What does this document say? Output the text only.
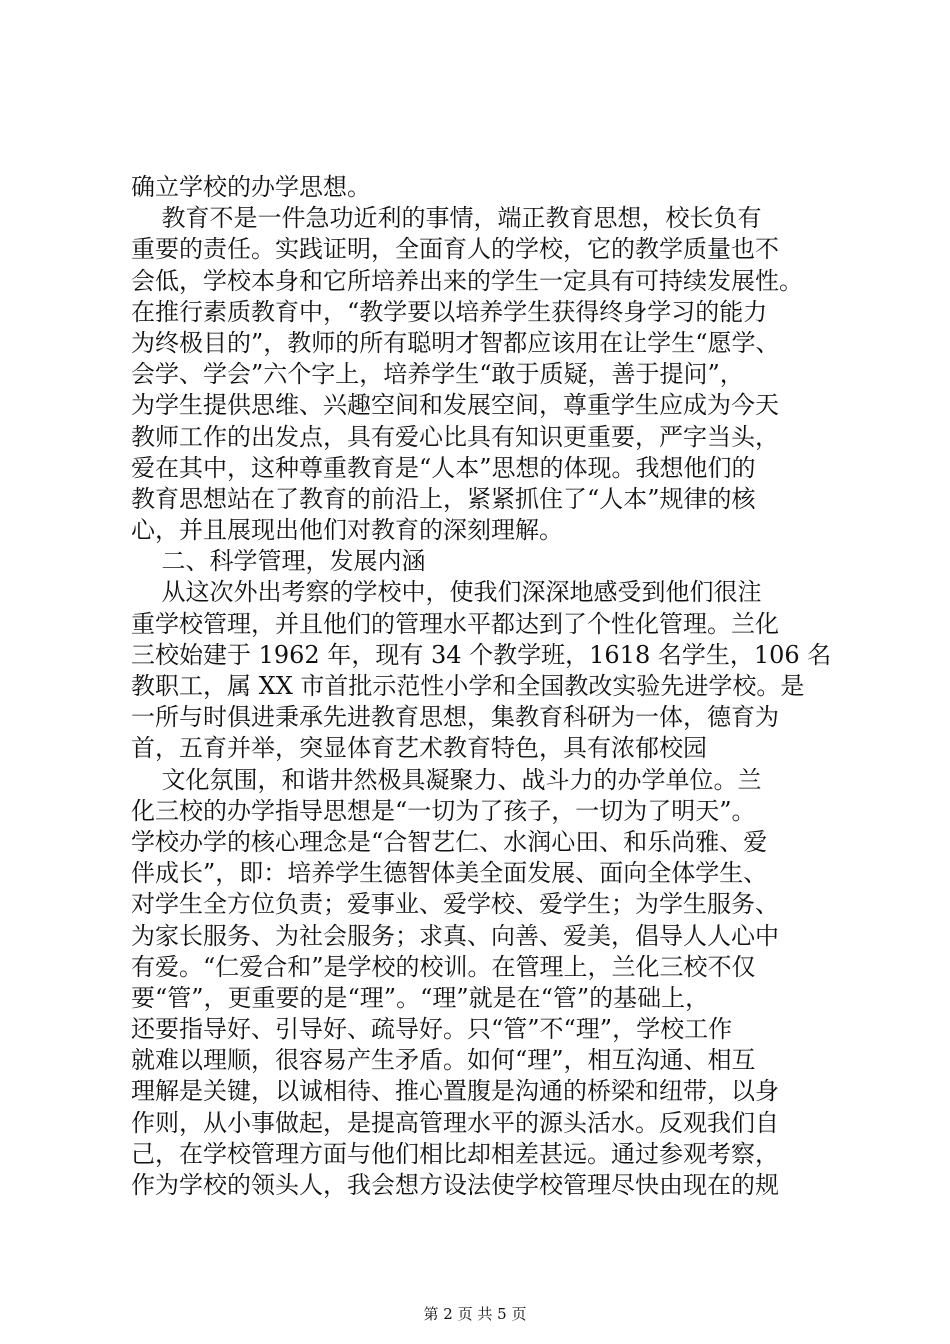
确立学校的办学思想。
教育不是一件急功近利的事情，端正教育思想，校长负有
重要的责任。实践证明，全面育人的学校，它的教学质量也不
会低，学校本身和它所培养出来的学生一定具有可持续发展性。
在推行素质教育中，“教学要以培养学生获得终身学习的能力
为终极目的”，教师的所有聪明才智都应该用在让学生“愿学、
会学、学会”六个字上，培养学生“敢于质疑，善于提问”，
为学生提供思维、兴趣空间和发展空间，尊重学生应成为今天
教师工作的出发点，具有爱心比具有知识更重要，严字当头，
爱在其中，这种尊重教育是“人本”思想的体现。我想他们的
教育思想站在了教育的前沿上，紧紧抓住了“人本”规律的核
心，并且展现出他们对教育的深刻理解。
二、科学管理，发展内涵
从这次外出考察的学校中，使我们深深地感受到他们很注
重学校管理，并且他们的管理水平都达到了个性化管理。兰化
三校始建于 1962 年，现有 34 个教学班，1618 名学生，106 名
教职工，属 XX 市首批示范性小学和全国教改实验先进学校。是
一所与时俱进秉承先进教育思想，集教育科研为一体，德育为
首，五育并举，突显体育艺术教育特色，具有浓郁校园
文化氛围，和谐井然极具凝聚力、战斗力的办学单位。兰
化三校的办学指导思想是“一切为了孩子，一切为了明天”。
学校办学的核心理念是“合智艺仁、水润心田、和乐尚雅、爱
伴成长”，即：培养学生德智体美全面发展、面向全体学生、
对学生全方位负责；爱事业、爱学校、爱学生；为学生服务、
为家长服务、为社会服务；求真、向善、爱美，倡导人人心中
有爱。“仁爱合和”是学校的校训。在管理上，兰化三校不仅
要“管”，更重要的是“理”。“理”就是在“管”的基础上，
还要指导好、引导好、疏导好。只“管”不“理”，学校工作
就难以理顺，很容易产生矛盾。如何“理”，相互沟通、相互
理解是关键，以诚相待、推心置腹是沟通的桥梁和纽带，以身
作则，从小事做起，是提高管理水平的源头活水。反观我们自
己，在学校管理方面与他们相比却相差甚远。通过参观考察，
作为学校的领头人，我会想方设法使学校管理尽快由现在的规
第 2 页 共 5 页
